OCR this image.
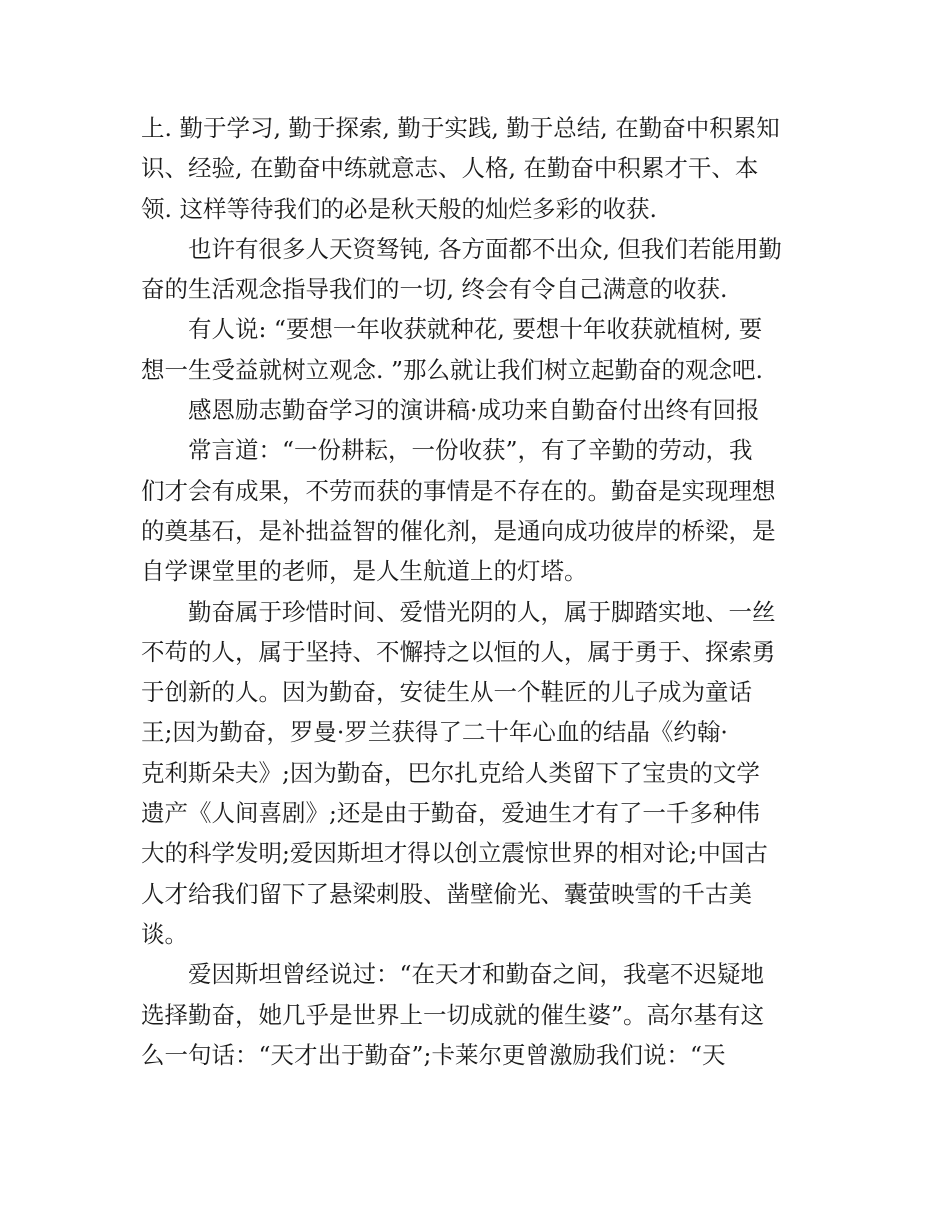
上. 勤于学习, 勤于探索, 勤于实践, 勤于总结, 在勤奋中积累知
识、经验, 在勤奋中练就意志、人格, 在勤奋中积累才干、本
领. 这样等待我们的必是秋天般的灿烂多彩的收获.
也许有很多人天资驽钝, 各方面都不出众, 但我们若能用勤
奋的生活观念指导我们的一切, 终会有令自己满意的收获.
有人说: “要想一年收获就种花, 要想十年收获就植树, 要
想一生受益就树立观念. ”那么就让我们树立起勤奋的观念吧.
感恩励志勤奋学习的演讲稿·成功来自勤奋付出终有回报
常言道：“一份耕耘，一份收获”，有了辛勤的劳动，我
们才会有成果，不劳而获的事情是不存在的。勤奋是实现理想
的奠基石，是补拙益智的催化剂，是通向成功彼岸的桥梁，是
自学课堂里的老师，是人生航道上的灯塔。
勤奋属于珍惜时间、爱惜光阴的人，属于脚踏实地、一丝
不苟的人，属于坚持、不懈持之以恒的人，属于勇于、探索勇
于创新的人。因为勤奋，安徒生从一个鞋匠的儿子成为童话
王;因为勤奋，罗曼·罗兰获得了二十年心血的结晶《约翰·
克利斯朵夫》;因为勤奋，巴尔扎克给人类留下了宝贵的文学
遗产《人间喜剧》;还是由于勤奋，爱迪生才有了一千多种伟
大的科学发明;爱因斯坦才得以创立震惊世界的相对论;中国古
人才给我们留下了悬梁刺股、凿壁偷光、囊萤映雪的千古美
谈。
爱因斯坦曾经说过：“在天才和勤奋之间，我毫不迟疑地
选择勤奋，她几乎是世界上一切成就的催生婆”。高尔基有这
么一句话：“天才出于勤奋”;卡莱尔更曾激励我们说：“天
